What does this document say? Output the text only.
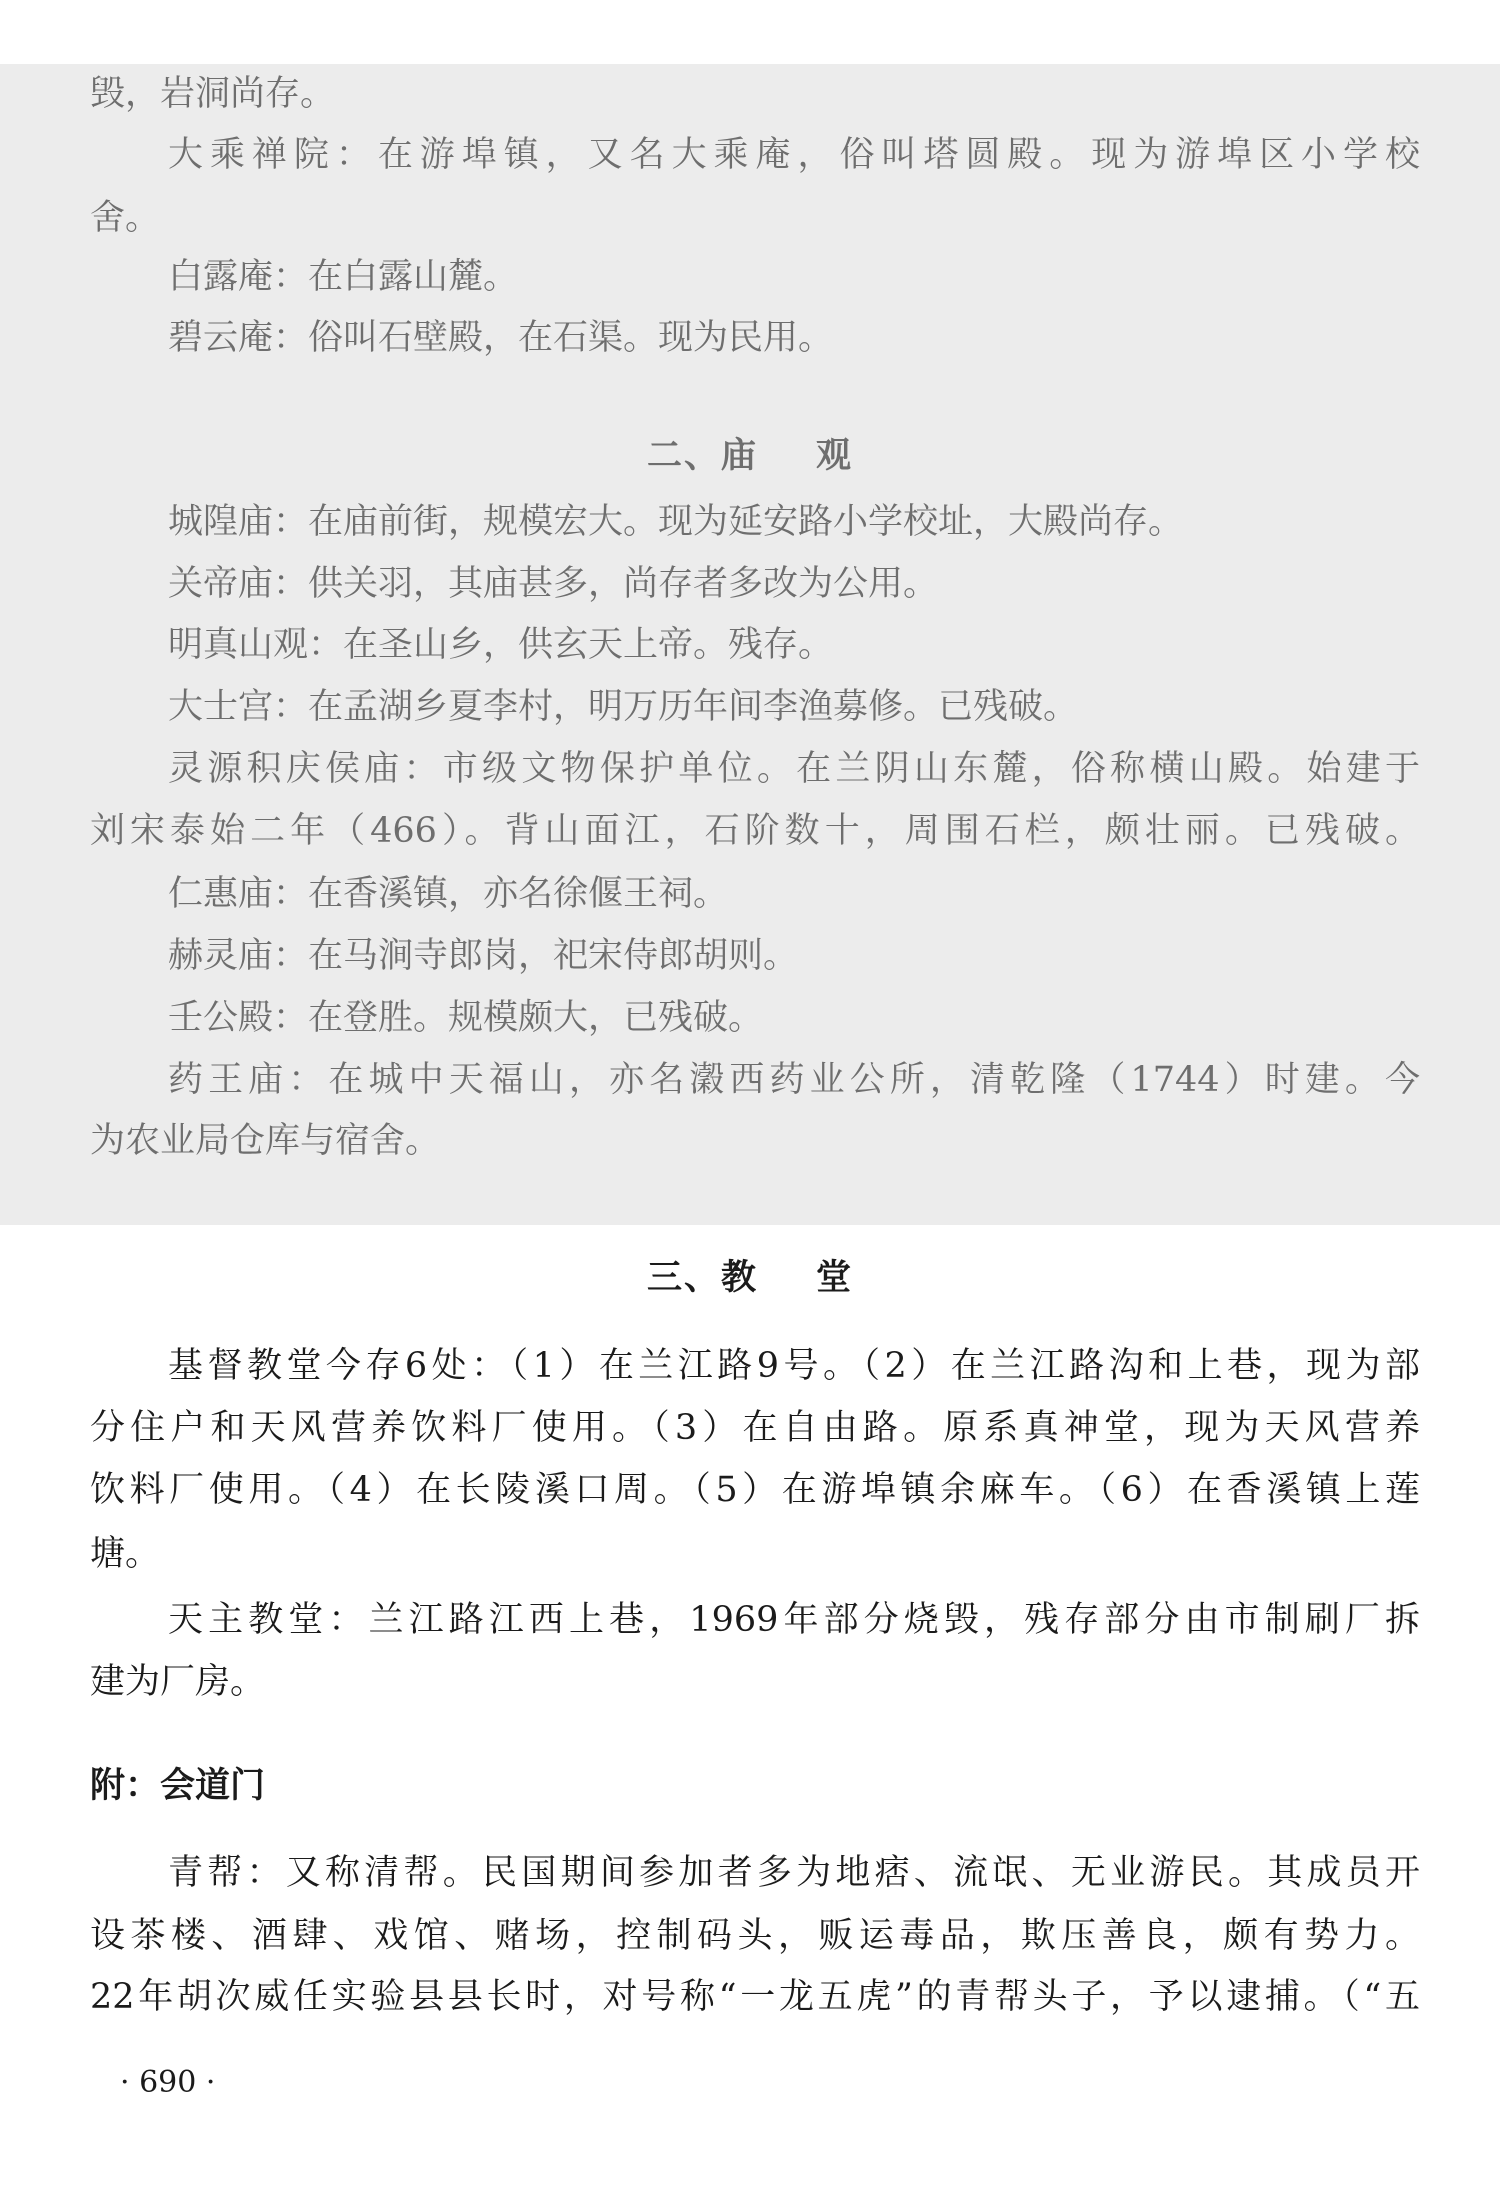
毁，岩洞尚存。
大乘禅院：在游埠镇，又名大乘庵，俗叫塔圆殿。现为游埠区小学校
舍。
白露庵：在白露山麓。
碧云庵：俗叫石壁殿，在石渠。现为民用。
二、庙 观
城隍庙：在庙前街，规模宏大。现为延安路小学校址，大殿尚存。
关帝庙：供关羽，其庙甚多，尚存者多改为公用。
明真山观：在圣山乡，供玄天上帝。残存。
大士宫：在孟湖乡夏李村，明万历年间李渔募修。已残破。
灵源积庆侯庙：市级文物保护单位。在兰阴山东麓，俗称横山殿。始建于
刘宋泰始二年（466）。背山面江，石阶数十，周围石栏，颇壮丽。已残破。
仁惠庙：在香溪镇，亦名徐偃王祠。
赫灵庙：在马涧寺郎岗，祀宋侍郎胡则。
壬公殿：在登胜。规模颇大，已残破。
药王庙：在城中天福山，亦名瀔西药业公所，清乾隆（1744）时建。今
为农业局仓库与宿舍。
三、教 堂
基督教堂今存6处：（1）在兰江路9号。（2）在兰江路沟和上巷，现为部
分住户和天风营养饮料厂使用。（3）在自由路。原系真神堂，现为天风营养
饮料厂使用。（4）在长陵溪口周。（5）在游埠镇余麻车。（6）在香溪镇上莲
塘。
天主教堂：兰江路江西上巷，1969年部分烧毁，残存部分由市制刷厂拆
建为厂房。
附：会道门
青帮：又称清帮。民国期间参加者多为地痞、流氓、无业游民。其成员开
设茶楼、酒肆、戏馆、赌场，控制码头，贩运毒品，欺压善良，颇有势力。
22年胡次威任实验县县长时，对号称“一龙五虎”的青帮头子，予以逮捕。（“五
· 690 ·
